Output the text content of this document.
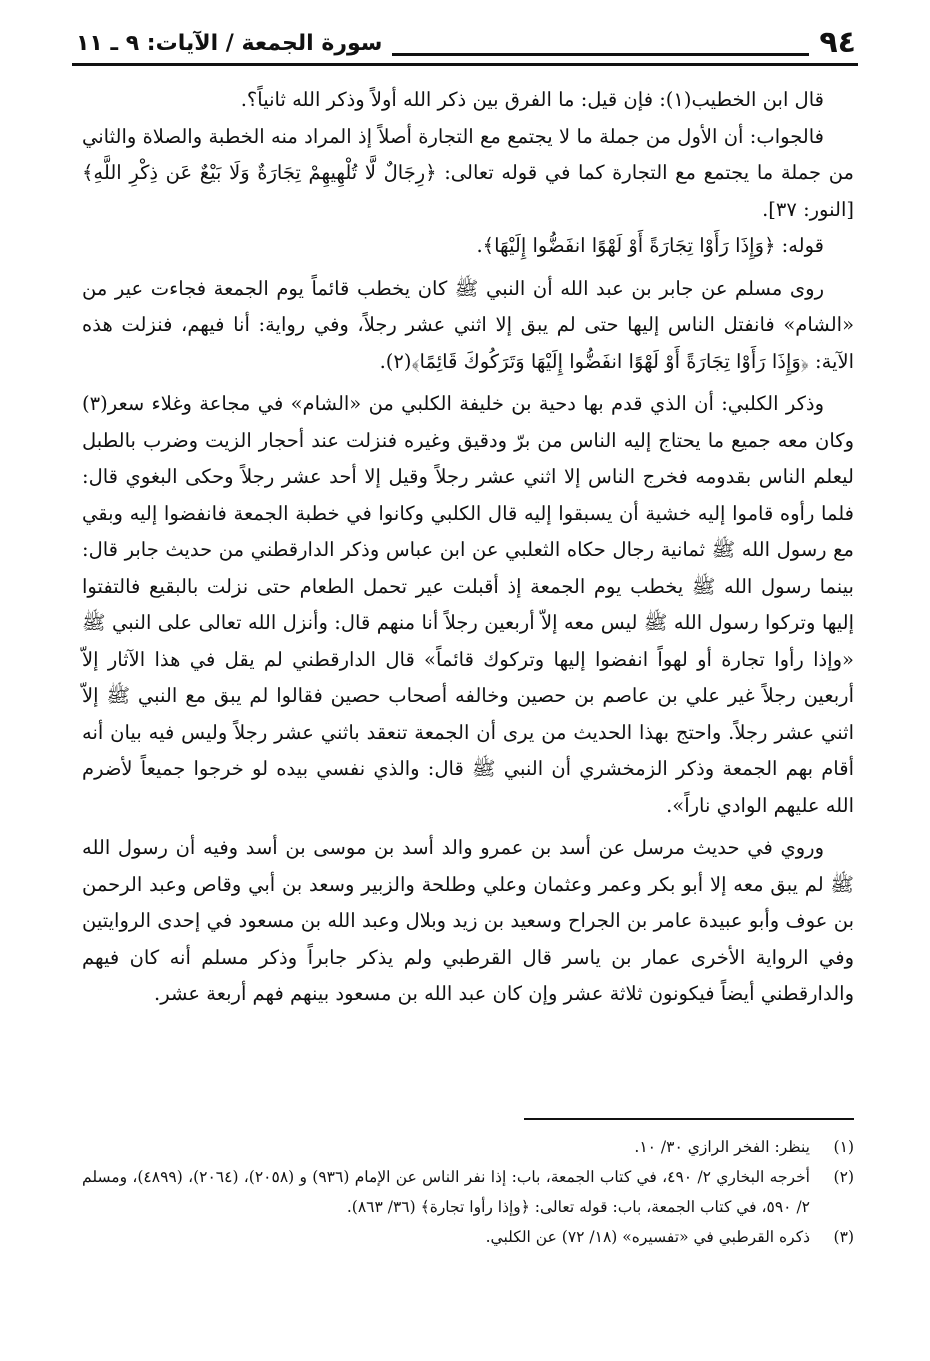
٩٤
سورة الجمعة / الآيات: ٩ ـ ١١

قال ابن الخطيب(١): فإن قيل: ما الفرق بين ذكر الله أولاً وذكر الله ثانياً؟.

فالجواب: أن الأول من جملة ما لا يجتمع مع التجارة أصلاً إذ المراد منه الخطبة والصلاة والثاني من جملة ما يجتمع مع التجارة كما في قوله تعالى: ﴿رِجَالٌ لَّا تُلْهِيهِمْ تِجَارَةٌ وَلَا بَيْعٌ عَن ذِكْرِ اللَّهِ﴾ [النور: ٣٧].

قوله: ﴿وَإِذَا رَأَوْا تِجَارَةً أَوْ لَهْوًا انفَضُّوا إِلَيْهَا﴾.

روى مسلم عن جابر بن عبد الله أن النبي ﷺ كان يخطب قائماً يوم الجمعة فجاءت عير من «الشام» فانفتل الناس إليها حتى لم يبق إلا اثني عشر رجلاً، وفي رواية: أنا فيهم، فنزلت هذه الآية: ﴿وَإِذَا رَأَوْا تِجَارَةً أَوْ لَهْوًا انفَضُّوا إِلَيْهَا وَتَرَكُوكَ قَائِمًا﴾(٢).

وذكر الكلبي: أن الذي قدم بها دحية بن خليفة الكلبي من «الشام» في مجاعة وغلاء سعر(٣) وكان معه جميع ما يحتاج إليه الناس من برّ ودقيق وغيره فنزلت عند أحجار الزيت وضرب بالطبل ليعلم الناس بقدومه فخرج الناس إلا اثني عشر رجلاً وقيل إلا أحد عشر رجلاً وحكى البغوي قال: فلما رأوه قاموا إليه خشية أن يسبقوا إليه قال الكلبي وكانوا في خطبة الجمعة فانفضوا إليه وبقي مع رسول الله ﷺ ثمانية رجال حكاه الثعلبي عن ابن عباس وذكر الدارقطني من حديث جابر قال: بينما رسول الله ﷺ يخطب يوم الجمعة إذ أقبلت عير تحمل الطعام حتى نزلت بالبقيع فالتفتوا إليها وتركوا رسول الله ﷺ ليس معه إلاّ أربعين رجلاً أنا منهم قال: وأنزل الله تعالى على النبي ﷺ «وإذا رأوا تجارة أو لهواً انفضوا إليها وتركوك قائماً» قال الدارقطني لم يقل في هذا الآثار إلاّ أربعين رجلاً غير علي بن عاصم بن حصين وخالفه أصحاب حصين فقالوا لم يبق مع النبي ﷺ إلاّ اثني عشر رجلاً. واحتج بهذا الحديث من يرى أن الجمعة تنعقد باثني عشر رجلاً وليس فيه بيان أنه أقام بهم الجمعة وذكر الزمخشري أن النبي ﷺ قال: والذي نفسي بيده لو خرجوا جميعاً لأضرم الله عليهم الوادي ناراً».

وروي في حديث مرسل عن أسد بن عمرو والد أسد بن موسى بن أسد وفيه أن رسول الله ﷺ لم يبق معه إلا أبو بكر وعمر وعثمان وعلي وطلحة والزبير وسعد بن أبي وقاص وعبد الرحمن بن عوف وأبو عبيدة عامر بن الجراح وسعيد بن زيد وبلال وعبد الله بن مسعود في إحدى الروايتين وفي الرواية الأخرى عمار بن ياسر قال القرطبي ولم يذكر جابراً وذكر مسلم أنه كان فيهم والدارقطني أيضاً فيكونون ثلاثة عشر وإن كان عبد الله بن مسعود بينهم فهم أربعة عشر.

(١)
ينظر: الفخر الرازي ٣٠/ ١٠.
(٢)
أخرجه البخاري ٢/ ٤٩٠، في كتاب الجمعة، باب: إذا نفر الناس عن الإمام (٩٣٦) و (٢٠٥٨)، (٢٠٦٤)، (٤٨٩٩)، ومسلم ٢/ ٥٩٠، في كتاب الجمعة، باب: قوله تعالى: ﴿وإذا رأوا تجارة﴾ (٣٦/ ٨٦٣).
(٣)
ذكره القرطبي في «تفسيره» (١٨/ ٧٢) عن الكلبي.
